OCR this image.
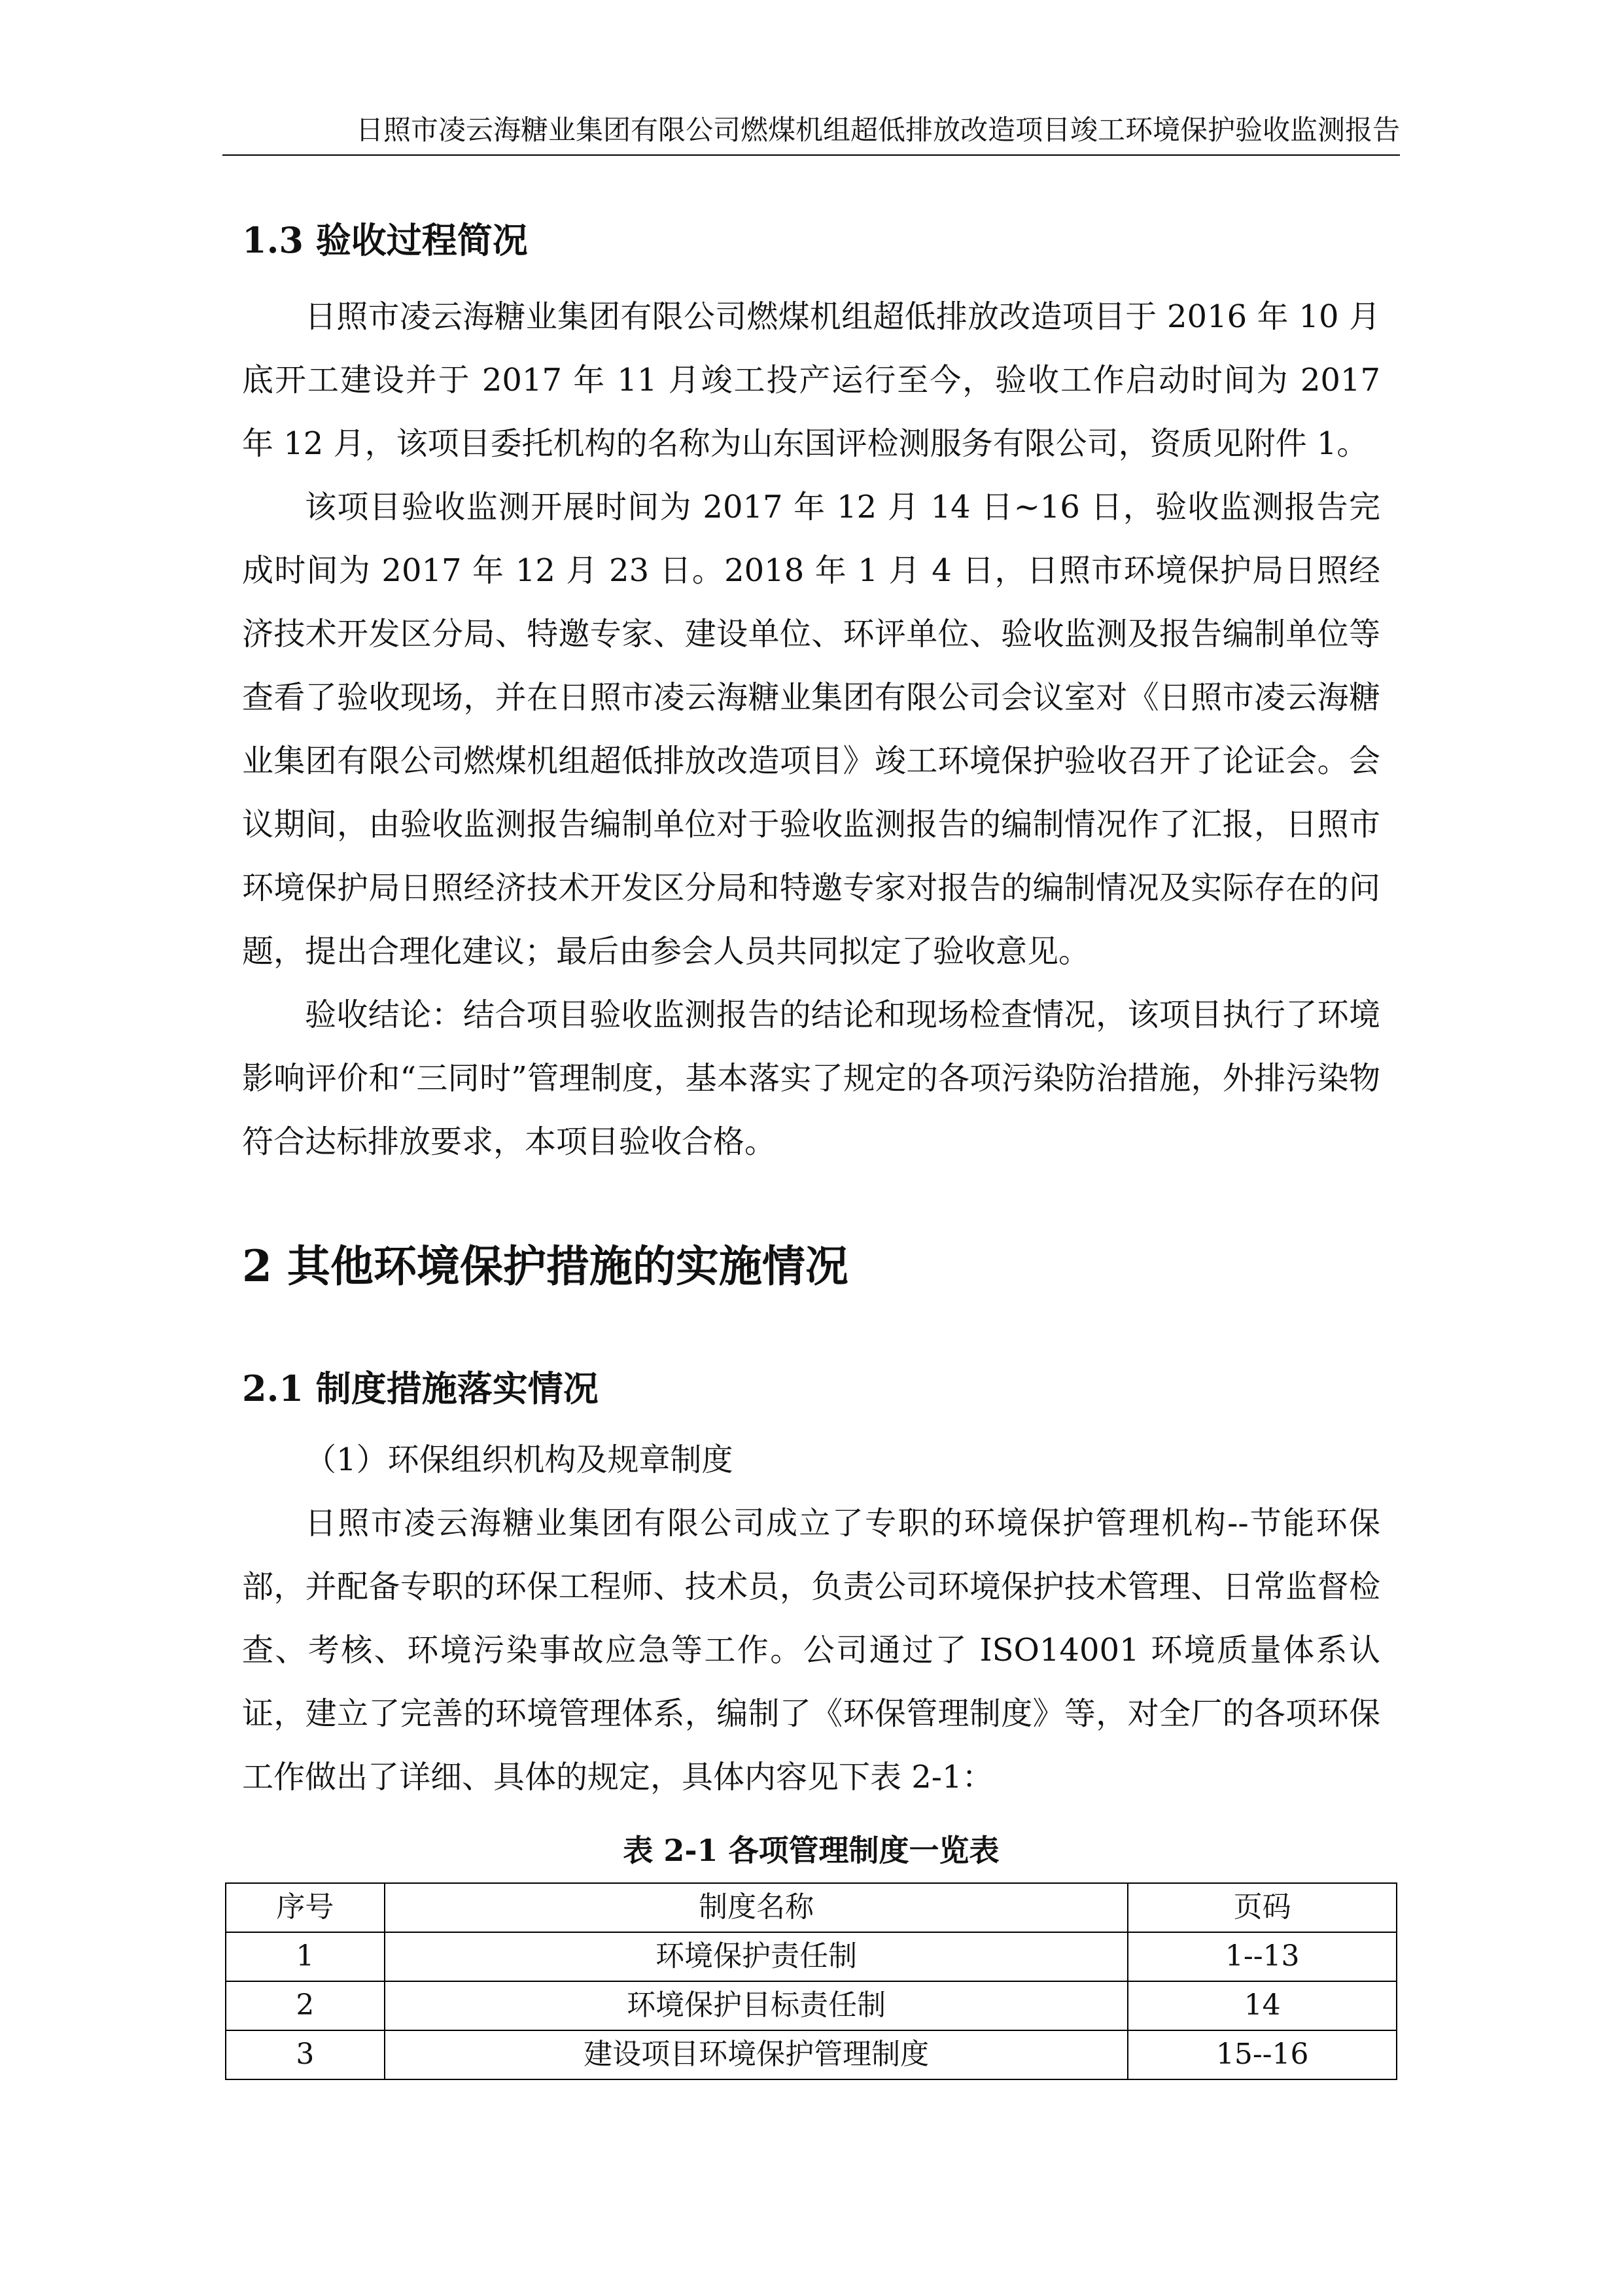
日照市凌云海糖业集团有限公司燃煤机组超低排放改造项目竣工环境保护验收监测报告
1.3 验收过程简况

日照市凌云海糖业集团有限公司燃煤机组超低排放改造项目于 2016 年 10 月底开工建设并于 2017 年 11 月竣工投产运行至今，验收工作启动时间为 2017 年 12 月，该项目委托机构的名称为山东国评检测服务有限公司，资质见附件 1。

该项目验收监测开展时间为 2017 年 12 月 14 日~16 日，验收监测报告完成时间为 2017 年 12 月 23 日。2018 年 1 月 4 日，日照市环境保护局日照经济技术开发区分局、特邀专家、建设单位、环评单位、验收监测及报告编制单位等查看了验收现场，并在日照市凌云海糖业集团有限公司会议室对《日照市凌云海糖业集团有限公司燃煤机组超低排放改造项目》竣工环境保护验收召开了论证会。会议期间，由验收监测报告编制单位对于验收监测报告的编制情况作了汇报，日照市环境保护局日照经济技术开发区分局和特邀专家对报告的编制情况及实际存在的问题，提出合理化建议；最后由参会人员共同拟定了验收意见。

验收结论：结合项目验收监测报告的结论和现场检查情况，该项目执行了环境影响评价和“三同时”管理制度，基本落实了规定的各项污染防治措施，外排污染物符合达标排放要求，本项目验收合格。

2 其他环境保护措施的实施情况
2.1 制度措施落实情况

（1）环保组织机构及规章制度

日照市凌云海糖业集团有限公司成立了专职的环境保护管理机构--节能环保部，并配备专职的环保工程师、技术员，负责公司环境保护技术管理、日常监督检查、考核、环境污染事故应急等工作。公司通过了 ISO14001 环境质量体系认证，建立了完善的环境管理体系，编制了《环保管理制度》等，对全厂的各项环保工作做出了详细、具体的规定，具体内容见下表 2-1：

表 2-1 各项管理制度一览表
序号	制度名称	页码
1	环境保护责任制	1--13
2	环境保护目标责任制	14
3	建设项目环境保护管理制度	15--16
